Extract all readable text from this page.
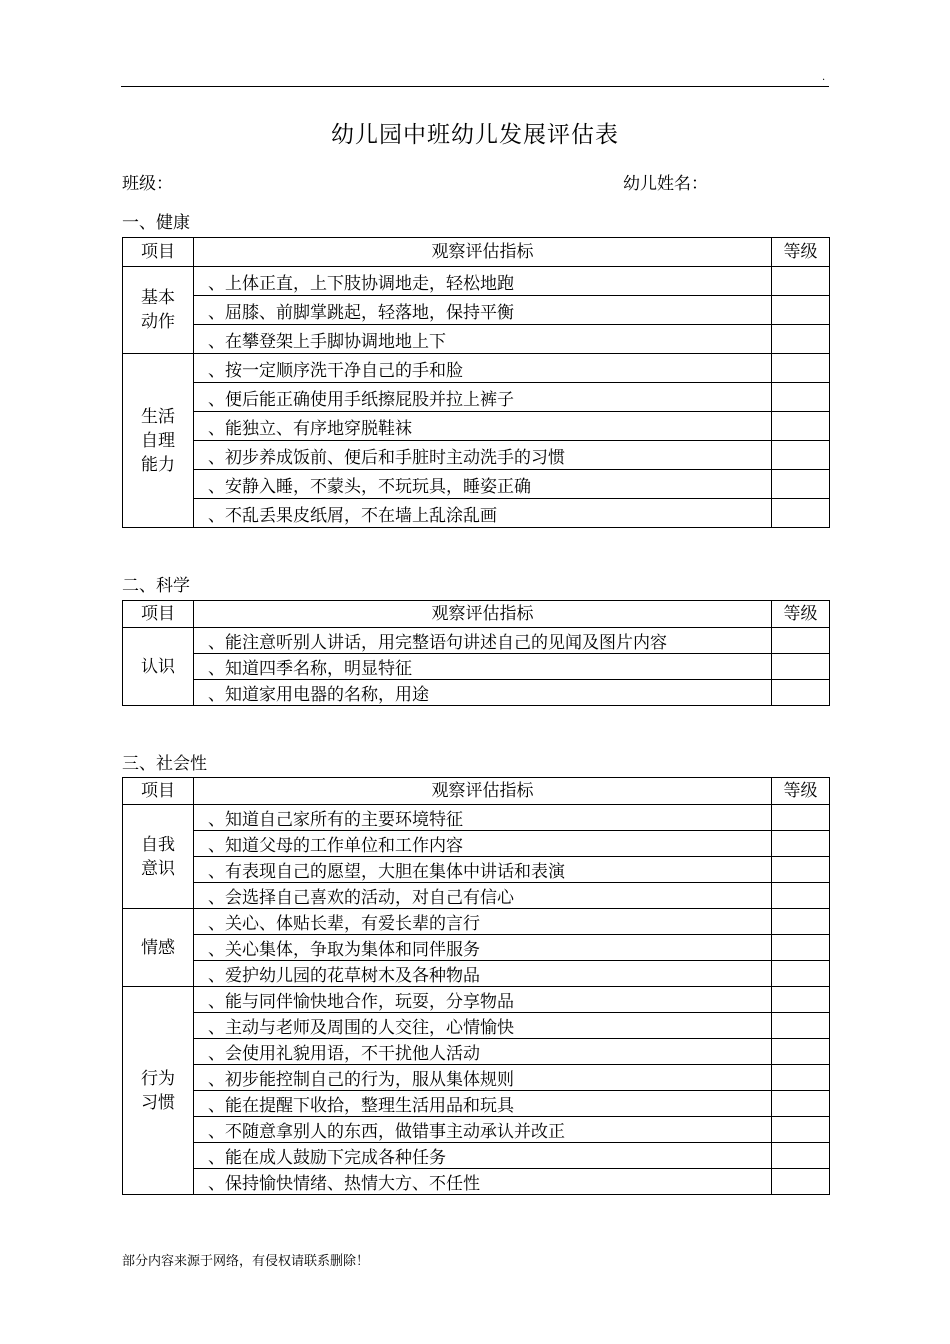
.
幼儿园中班幼儿发展评估表
班级：	幼儿姓名：
一、健康
项目	观察评估指标	等级

基本
动作	、上体正直，上下肢协调地走，轻松地跑	
	、屈膝、前脚掌跳起，轻落地，保持平衡	
	、在攀登架上手脚协调地地上下	

生活
自理
能力	、按一定顺序洗干净自己的手和脸	
	、便后能正确使用手纸擦屁股并拉上裤子	
	、能独立、有序地穿脱鞋袜	
	、初步养成饭前、便后和手脏时主动洗手的习惯	
	、安静入睡，不蒙头，不玩玩具，睡姿正确	
	、不乱丢果皮纸屑，不在墙上乱涂乱画	
二、科学
项目	观察评估指标	等级

认识	、能注意听别人讲话，用完整语句讲述自己的见闻及图片内容	
	、知道四季名称，明显特征	
	、知道家用电器的名称，用途	
三、社会性
项目	观察评估指标	等级

自我
意识	、知道自己家所有的主要环境特征	
	、知道父母的工作单位和工作内容	
	、有表现自己的愿望，大胆在集体中讲话和表演	
	、会选择自己喜欢的活动，对自己有信心	

情感	、关心、体贴长辈，有爱长辈的言行	
	、关心集体，争取为集体和同伴服务	
	、爱护幼儿园的花草树木及各种物品	

行为
习惯	、能与同伴愉快地合作，玩耍，分享物品	
	、主动与老师及周围的人交往，心情愉快	
	、会使用礼貌用语，不干扰他人活动	
	、初步能控制自己的行为，服从集体规则	
	、能在提醒下收拾，整理生活用品和玩具	
	、不随意拿别人的东西，做错事主动承认并改正	
	、能在成人鼓励下完成各种任务	
	、保持愉快情绪、热情大方、不任性	
部分内容来源于网络，有侵权请联系删除！
